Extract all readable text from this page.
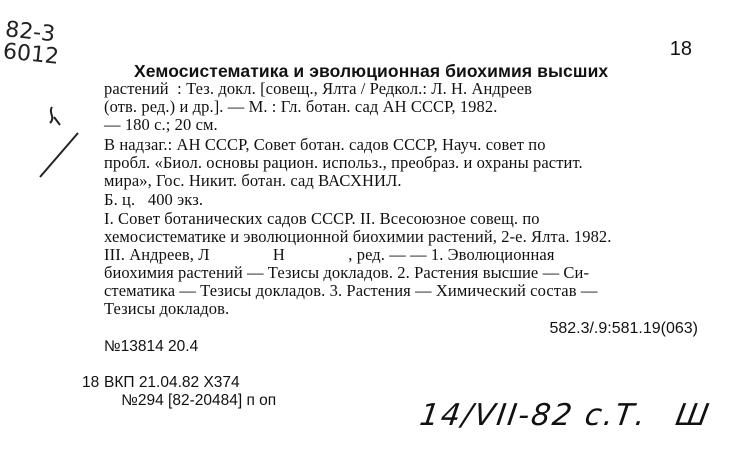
82-3
6012	18
Хемосистематика и эволюционная биохимия высших
растений  : Тез. докл. [совещ., Ялта / Редкол.: Л. Н. Андреев
(отв. ред.) и др.]. — М. : Гл. ботан. сад АН СССР, 1982.
— 180 с.; 20 см.
В надзаг.: АН СССР, Совет ботан. садов СССР, Науч. совет по
пробл. «Биол. основы рацион. использ., преобраз. и охраны растит.
мира», Гос. Никит. ботан. сад ВАСХНИЛ.
Б. ц.   400 экз.
I. Совет ботанических садов СССР. II. Всесоюзное совещ. по
хемосистематике и эволюционной биохимии растений, 2-е. Ялта. 1982.
III. Андреев, Л               Н               , ред. — — 1. Эволюционная
биохимия растений — Тезисы докладов. 2. Растения высшие — Си-
стематика — Тезисы докладов. 3. Растения — Химический состав —
Тезисы докладов.
582.3/.9:581.19(063)
№13814 20.4

18

№294 [82-20484] п оп

ВКП 21.04.82 Х374
14/VII-82 с.Т. Ш
